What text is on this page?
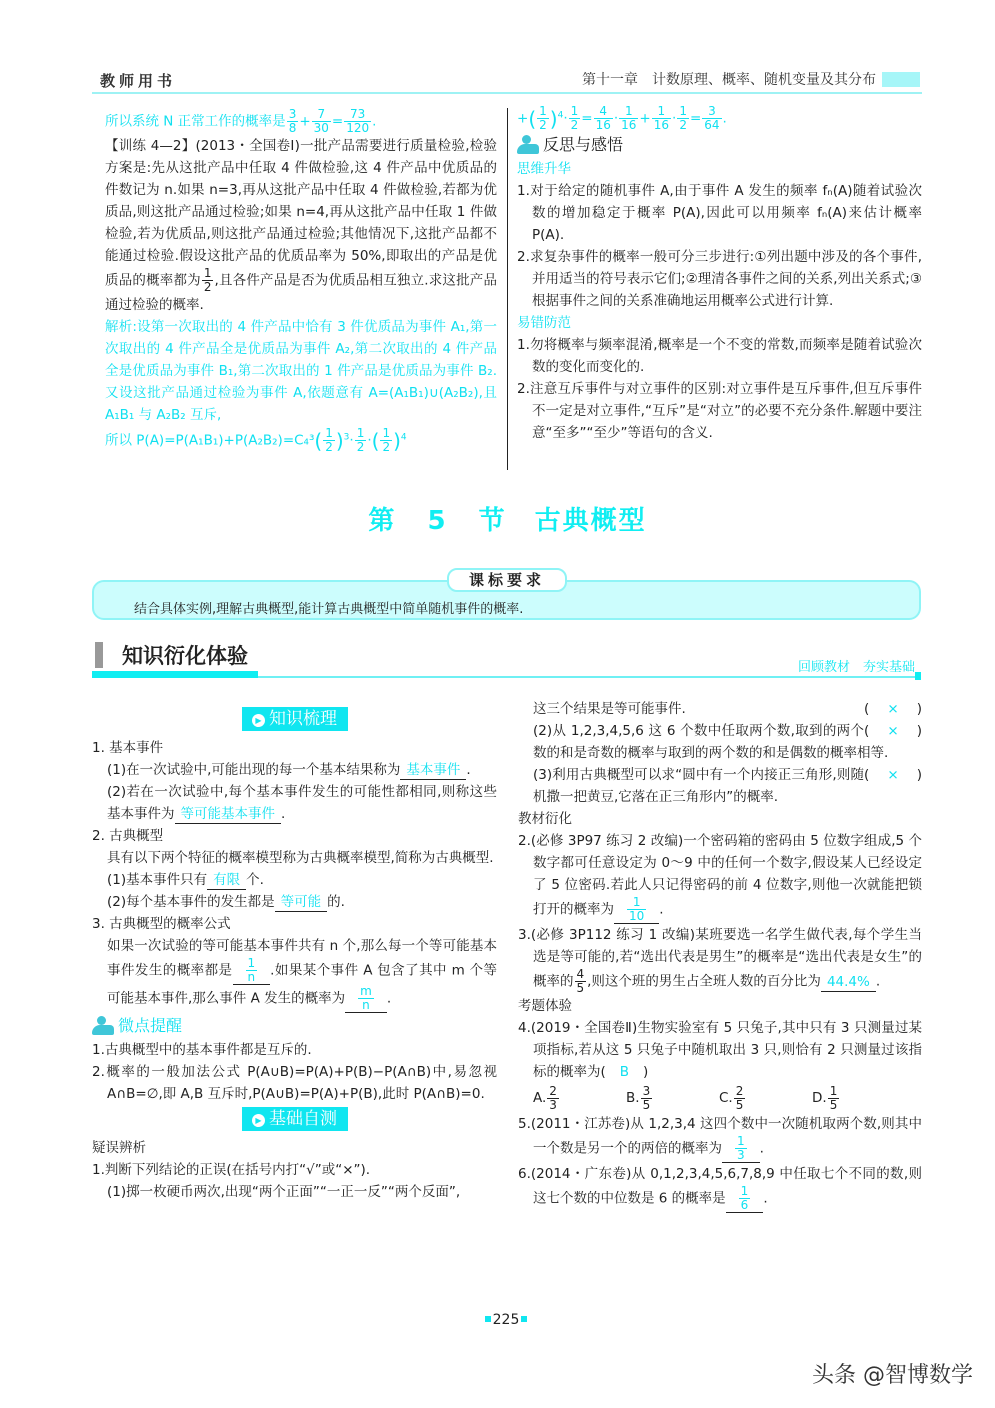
教师用书	第十一章　计数原理、概率、随机变量及其分布

所以系统 N 正常工作的概率是 $\frac{3}{8} + \frac{7}{30} = \frac{73}{120}$ .

【训练 4—2】(2013・全国卷Ⅰ)一批产品需要进行质量检验,检验方案是:先从这批产品中任取 4 件做检验,这 4 件产品中优质品的件数记为 n.如果 n=3,再从这批产品中任取 4 件做检验,若都为优质品,则这批产品通过检验;如果 n=4,再从这批产品中任取 1 件做检验,若为优质品,则这批产品通过检验;其他情况下,这批产品都不能通过检验.假设这批产品的优质品率为 50%,即取出的产品是优质品的概率都为 $\frac{1}{2}$ ,且各件产品是否为优质品相互独立.求这批产品通过检验的概率.

解析:设第一次取出的 4 件产品中恰有 3 件优质品为事件 A₁,第一次取出的 4 件产品全是优质品为事件 A₂,第二次取出的 4 件产品全是优质品为事件 B₁,第二次取出的 1 件产品是优质品为事件 B₂.又设这批产品通过检验为事件 A,依题意有 A=(A₁B₁)∪(A₂B₂),且 A₁B₁ 与 A₂B₂ 互斥,

所以 $P(A)=P(A_1B_1)+P(A_2B_2)=C_4^3( \frac{1}{2} )^3\cdot \frac{1}{2}$ ·( $\frac{1}{2} )^4$

+( $\frac{1}{2} )^4\cdot \frac{1}{2} = \frac{4}{16} \cdot \frac{1}{16} + \frac{1}{16} \cdot \frac{1}{2} = \frac{3}{64}$ .

反思与感悟
思维升华

1.对于给定的随机事件 A,由于事件 A 发生的频率 fₙ(A)随着试验次数的增加稳定于概率 P(A),因此可以用频率 fₙ(A)来估计概率 P(A).

2.求复杂事件的概率一般可分三步进行:①列出题中涉及的各个事件,并用适当的符号表示它们;②理清各事件之间的关系,列出关系式;③根据事件之间的关系准确地运用概率公式进行计算.

易错防范

1.勿将概率与频率混淆,概率是一个不变的常数,而频率是随着试验次数的变化而变化的.

2.注意互斥事件与对立事件的区别:对立事件是互斥事件,但互斥事件不一定是对立事件,“互斥”是“对立”的必要不充分条件.解题中要注意“至多”“至少”等语句的含义.

第 5 节　古典概型
课标要求
结合具体实例,理解古典概型,能计算古典概型中简单随机事件的概率.
知识衍化体验	回顾教材　夯实基础
▶ 知识梳理

1. 基本事件

(1)在一次试验中,可能出现的每一个基本结果称为 基本事件 .

(2)若在一次试验中,每个基本事件发生的可能性都相同,则称这些基本事件为 等可能基本事件 .

2. 古典概型

具有以下两个特征的概率模型称为古典概率模型,简称为古典概型.

(1)基本事件只有 有限 个.

(2)每个基本事件的发生都是 等可能 的.

3. 古典概型的概率公式

如果一次试验的等可能基本事件共有 n 个,那么每一个等可能基本事件发生的概率都是 $\frac{1}{n}$ .如果某个事件 A 包含了其中 m 个等可能基本事件,那么事件 A 发生的概率为 $\frac{m}{n}$ .

微点提醒

1.古典概型中的基本事件都是互斥的.

2.概率的一般加法公式 P(A∪B)=P(A)+P(B)−P(A∩B)中,易忽视 A∩B=∅,即 A,B 互斥时,P(A∪B)=P(A)+P(B),此时 P(A∩B)=0.

▶ 基础自测
疑误辨析

1.判断下列结论的正误(在括号内打“√”或“×”).

(1)掷一枚硬币两次,出现“两个正面”“一正一反”“两个反面”,

( × )
这三个结果是等可能事件.

( × )
(2)从 1,2,3,4,5,6 这 6 个数中任取两个数,取到的两个数的和是奇数的概率与取到的两个数的和是偶数的概率相等.

( × )
(3)利用古典概型可以求“圆中有一个内接正三角形,则随机撒一把黄豆,它落在正三角形内”的概率.

教材衍化

2.(必修 3P97 练习 2 改编)一个密码箱的密码由 5 位数字组成,5 个数字都可任意设定为 0～9 中的任何一个数字,假设某人已经设定了 5 位密码.若此人只记得密码的前 4 位数字,则他一次就能把锁打开的概率为 $\frac{1}{10}$ .

3.(必修 3P112 练习 1 改编)某班要选一名学生做代表,每个学生当选是等可能的,若“选出代表是男生”的概率是“选出代表是女生”的概率的 $\frac{4}{5}$ ,则这个班的男生占全班人数的百分比为 44.4% .

考题体验

4.(2019・全国卷Ⅱ)生物实验室有 5 只兔子,其中只有 3 只测量过某项指标,若从这 5 只兔子中随机取出 3 只,则恰有 2 只测量过该指标的概率为( B )

A. $\frac{2}{3}$	B. $\frac{3}{5}$	C. $\frac{2}{5}$	D. $\frac{1}{5}$

5.(2011・江苏卷)从 1,2,3,4 这四个数中一次随机取两个数,则其中一个数是另一个的两倍的概率为 $\frac{1}{3}$ .

6.(2014・广东卷)从 0,1,2,3,4,5,6,7,8,9 中任取七个不同的数,则这七个数的中位数是 6 的概率是 $\frac{1}{6}$ .

225
头条 @智博数学
